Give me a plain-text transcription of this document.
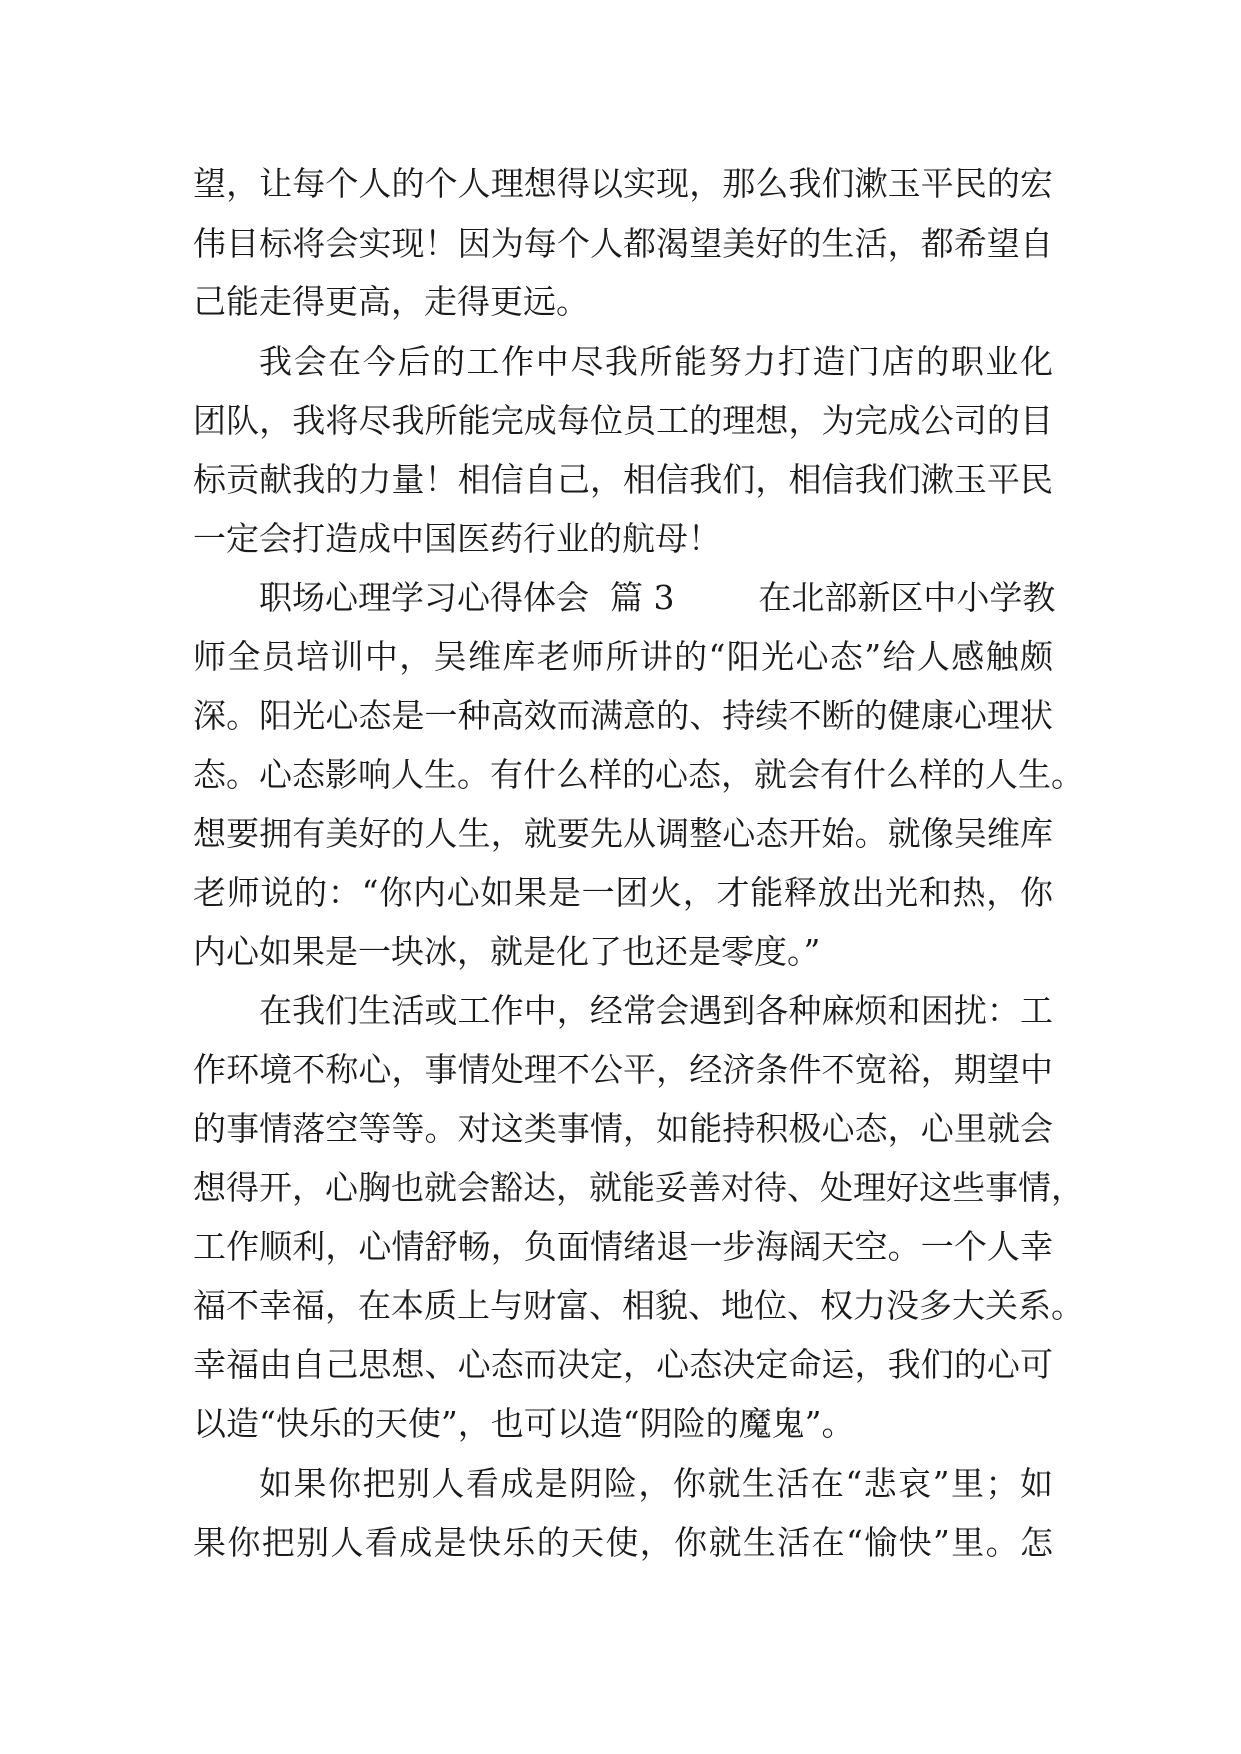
望，让每个人的个人理想得以实现，那么我们漱玉平民的宏
伟目标将会实现！因为每个人都渴望美好的生活，都希望自
己能走得更高，走得更远。
我会在今后的工作中尽我所能努力打造门店的职业化
团队，我将尽我所能完成每位员工的理想，为完成公司的目
标贡献我的力量！相信自己，相信我们，相信我们漱玉平民
一定会打造成中国医药行业的航母！
职场心理学习心得体会  篇 3        在北部新区中小学教
师全员培训中，吴维库老师所讲的“阳光心态”给人感触颇
深。阳光心态是一种高效而满意的、持续不断的健康心理状
态。心态影响人生。有什么样的心态，就会有什么样的人生。
想要拥有美好的人生，就要先从调整心态开始。就像吴维库
老师说的：“你内心如果是一团火，才能释放出光和热，你
内心如果是一块冰，就是化了也还是零度。”
在我们生活或工作中，经常会遇到各种麻烦和困扰：工
作环境不称心，事情处理不公平，经济条件不宽裕，期望中
的事情落空等等。对这类事情，如能持积极心态，心里就会
想得开，心胸也就会豁达，就能妥善对待、处理好这些事情，
工作顺利，心情舒畅，负面情绪退一步海阔天空。一个人幸
福不幸福，在本质上与财富、相貌、地位、权力没多大关系。
幸福由自己思想、心态而决定，心态决定命运，我们的心可
以造“快乐的天使”，也可以造“阴险的魔鬼”。
如果你把别人看成是阴险，你就生活在“悲哀”里；如
果你把别人看成是快乐的天使，你就生活在“愉快”里。怎
